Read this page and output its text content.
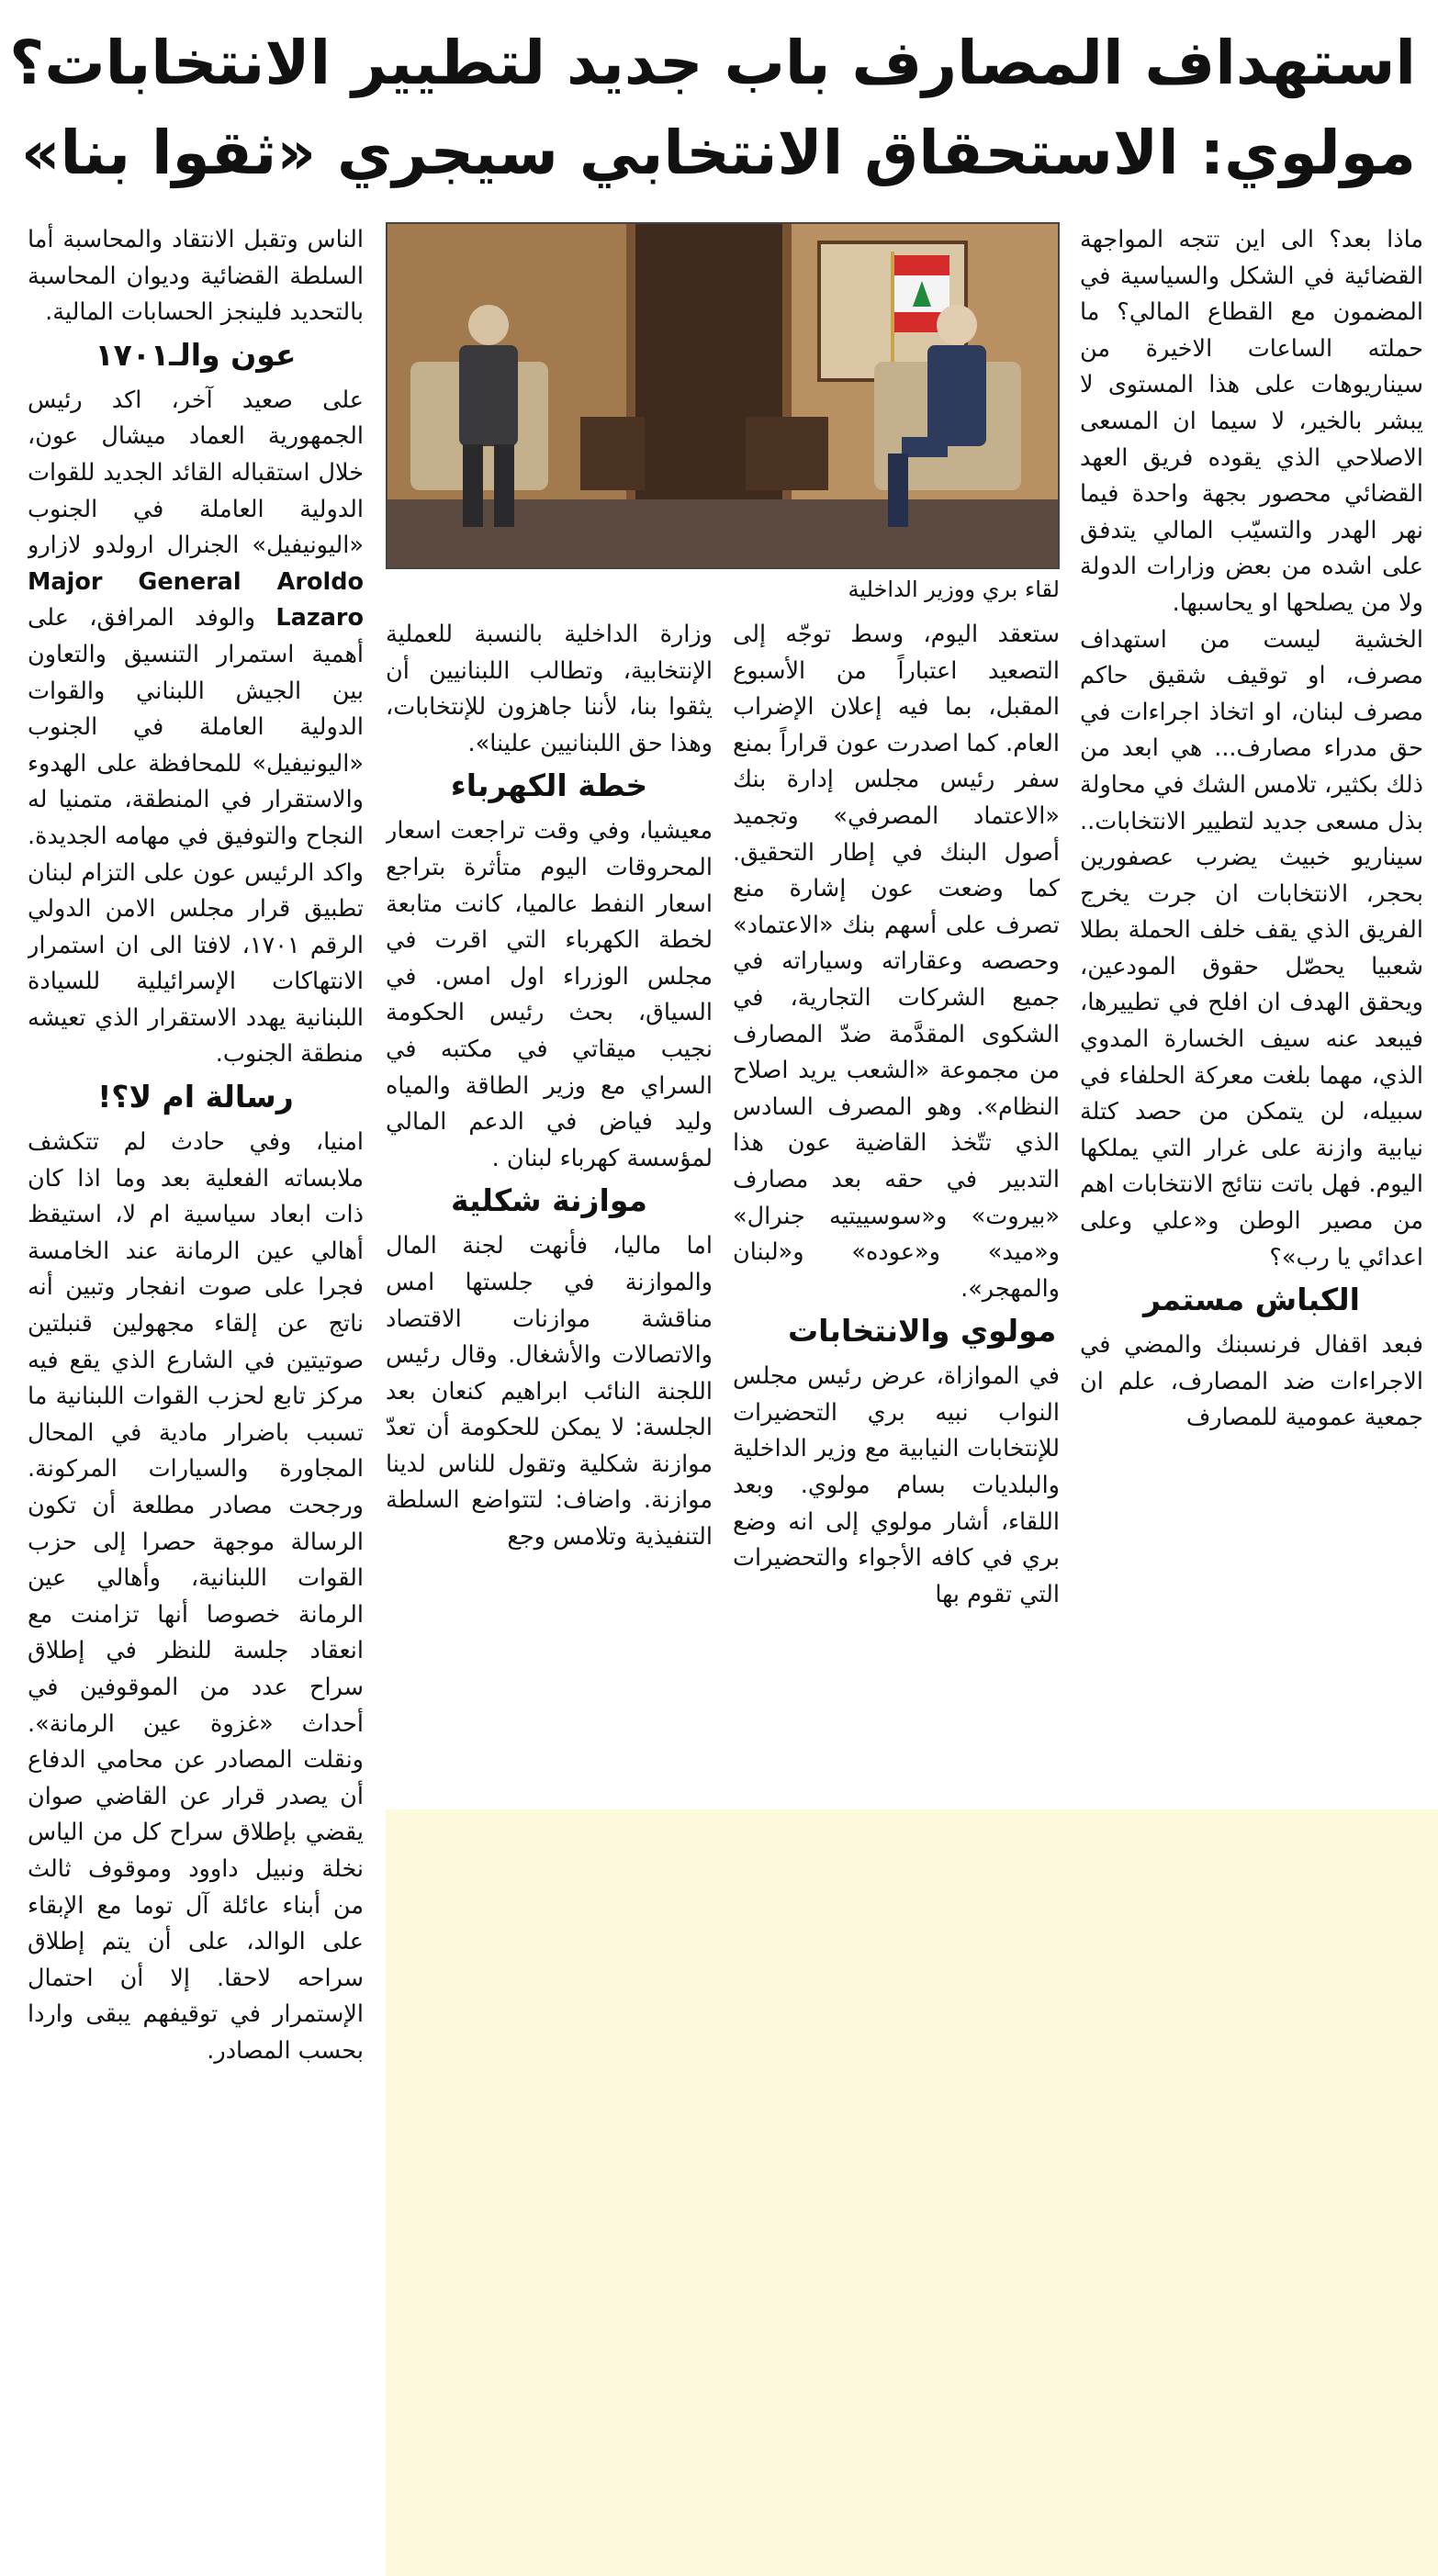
استهداف المصارف باب جديد لتطيير الانتخابات؟
مولوي: الاستحقاق الانتخابي سيجري «ثقوا بنا»

ماذا بعد؟ الى اين تتجه المواجهة القضائية في الشكل والسياسية في المضمون مع القطاع المالي؟ ما حملته الساعات الاخيرة من سيناريوهات على هذا المستوى لا يبشر بالخير، لا سيما ان المسعى الاصلاحي الذي يقوده فريق العهد القضائي محصور بجهة واحدة فيما نهر الهدر والتسيّب المالي يتدفق على اشده من بعض وزارات الدولة ولا من يصلحها او يحاسبها.

الخشية ليست من استهداف مصرف، او توقيف شقيق حاكم مصرف لبنان، او اتخاذ اجراءات في حق مدراء مصارف... هي ابعد من ذلك بكثير، تلامس الشك في محاولة بذل مسعى جديد لتطيير الانتخابات.. سيناريو خبيث يضرب عصفورين بحجر، الانتخابات ان جرت يخرج الفريق الذي يقف خلف الحملة بطلا شعبيا يحصّل حقوق المودعين، ويحقق الهدف ان افلح في تطييرها، فيبعد عنه سيف الخسارة المدوي الذي، مهما بلغت معركة الحلفاء في سبيله، لن يتمكن من حصد كتلة نيابية وازنة على غرار التي يملكها اليوم. فهل باتت نتائج الانتخابات اهم من مصير الوطن و«علي وعلى اعدائي يا رب»؟

الكباش مستمر

فبعد اقفال فرنسبنك والمضي في الاجراءات ضد المصارف، علم ان جمعية عمومية للمصارف

لقاء بري ووزير الداخلية

ستعقد اليوم، وسط توجّه إلى التصعيد اعتباراً من الأسبوع المقبل، بما فيه إعلان الإضراب العام. كما اصدرت عون قراراً بمنع سفر رئيس مجلس إدارة بنك «الاعتماد المصرفي» وتجميد أصول البنك في إطار التحقيق. كما وضعت عون إشارة منع تصرف على أسهم بنك «الاعتماد» وحصصه وعقاراته وسياراته في جميع الشركات التجارية، في الشكوى المقدَّمة ضدّ المصارف من مجموعة «الشعب يريد اصلاح النظام». وهو المصرف السادس الذي تتّخذ القاضية عون هذا التدبير في حقه بعد مصارف «بيروت» و«سوسييتيه جنرال» و«ميد» و«عوده» و«لبنان والمهجر».

مولوي والانتخابات

في الموازاة، عرض رئيس مجلس النواب نبيه بري التحضيرات للإنتخابات النيابية مع وزير الداخلية والبلديات بسام مولوي. وبعد اللقاء، أشار مولوي إلى انه وضع بري في كافه الأجواء والتحضيرات التي تقوم بها

وزارة الداخلية بالنسبة للعملية الإنتخابية، وتطالب اللبنانيين أن يثقوا بنا، لأننا جاهزون للإنتخابات، وهذا حق اللبنانيين علينا».

خطة الكهرباء

معيشيا، وفي وقت تراجعت اسعار المحروقات اليوم متأثرة بتراجع اسعار النفط عالميا، كانت متابعة لخطة الكهرباء التي اقرت في مجلس الوزراء اول امس. في السياق، بحث رئيس الحكومة نجيب ميقاتي في مكتبه في السراي مع وزير الطاقة والمياه وليد فياض في الدعم المالي لمؤسسة كهرباء لبنان .

موازنة شكلية

اما ماليا، فأنهت لجنة المال والموازنة في جلستها امس مناقشة موازنات الاقتصاد والاتصالات والأشغال. وقال رئيس اللجنة النائب ابراهيم كنعان بعد الجلسة: لا يمكن للحكومة أن تعدّ موازنة شكلية وتقول للناس لدينا موازنة. واضاف: لتتواضع السلطة التنفيذية وتلامس وجع

الناس وتقبل الانتقاد والمحاسبة أما السلطة القضائية وديوان المحاسبة بالتحديد فلينجز الحسابات المالية.

عون والـ١٧٠١

على صعيد آخر، اكد رئيس الجمهورية العماد ميشال عون، خلال استقباله القائد الجديد للقوات الدولية العاملة في الجنوب «اليونيفيل» الجنرال ارولدو لازارو Major General Aroldo Lazaro والوفد المرافق، على أهمية استمرار التنسيق والتعاون بين الجيش اللبناني والقوات الدولية العاملة في الجنوب «اليونيفيل» للمحافظة على الهدوء والاستقرار في المنطقة، متمنيا له النجاح والتوفيق في مهامه الجديدة. واكد الرئيس عون على التزام لبنان تطبيق قرار مجلس الامن الدولي الرقم ١٧٠١، لافتا الى ان استمرار الانتهاكات الإسرائيلية للسيادة اللبنانية يهدد الاستقرار الذي تعيشه منطقة الجنوب.

رسالة ام لا؟!

امنيا، وفي حادث لم تتكشف ملابساته الفعلية بعد وما اذا كان ذات ابعاد سياسية ام لا، استيقظ أهالي عين الرمانة عند الخامسة فجرا على صوت انفجار وتبين أنه ناتج عن إلقاء مجهولين قنبلتين صوتيتين في الشارع الذي يقع فيه مركز تابع لحزب القوات اللبنانية ما تسبب باضرار مادية في المحال المجاورة والسيارات المركونة. ورجحت مصادر مطلعة أن تكون الرسالة موجهة حصرا إلى حزب القوات اللبنانية، وأهالي عين الرمانة خصوصا أنها تزامنت مع انعقاد جلسة للنظر في إطلاق سراح عدد من الموقوفين في أحداث «غزوة عين الرمانة». ونقلت المصادر عن محامي الدفاع أن يصدر قرار عن القاضي صوان يقضي بإطلاق سراح كل من الياس نخلة ونبيل داوود وموقوف ثالث من أبناء عائلة آل توما مع الإبقاء على الوالد، على أن يتم إطلاق سراحه لاحقا. إلا أن احتمال الإستمرار في توقيفهم يبقى واردا بحسب المصادر.
